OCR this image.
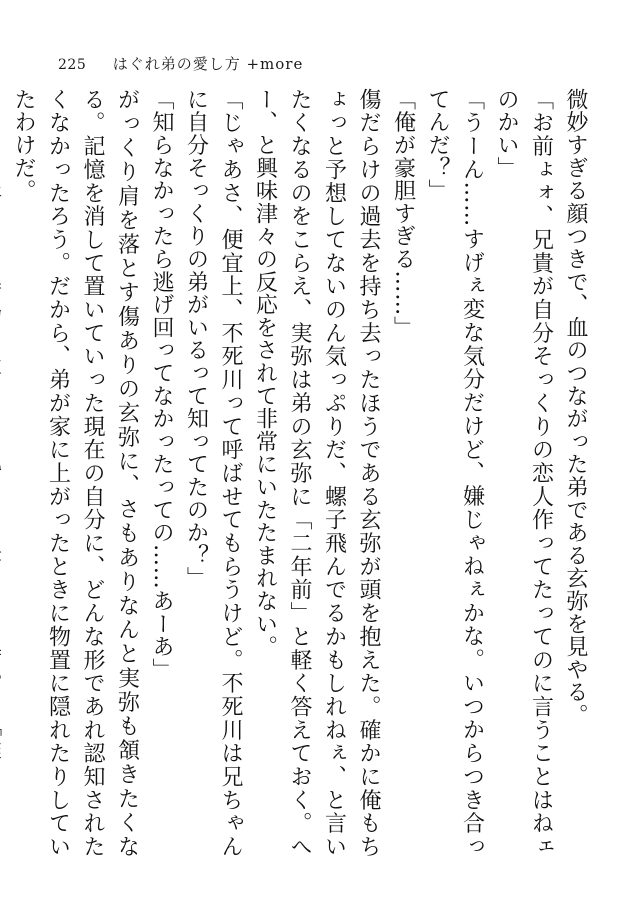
225 はぐれ弟の愛し方 +more

微妙すぎる顔つきで、血のつながった弟である玄弥を見やる。

「お前ょォ、兄貴が自分そっくりの恋人作ってたってのに言うことはねェのかい」

「うーん……すげぇ変な気分だけど、嫌じゃねぇかな。いつからつき合ってんだ？」

「俺が豪胆すぎる……」

傷だらけの過去を持ち去ったほうである玄弥が頭を抱えた。確かに俺もちょっと予想してないのん気っぷりだ、螺子飛んでるかもしれねぇ、と言いたくなるのをこらえ、実弥は弟の玄弥に「二年前」と軽く答えておく。へー、と興味津々の反応をされて非常にいたたまれない。

「じゃあさ、便宜上、不死川って呼ばせてもらうけど。不死川は兄ちゃんに自分そっくりの弟がいるって知ってたのか？」

「知らなかったら逃げ回ってなかったっての……あーあ」

がっくり肩を落とす傷ありの玄弥に、さもありなんと実弥も頷きたくなる。記憶を消して置いていった現在の自分に、どんな形であれ認知されたくなかったろう。だから、弟が家に上がったときに物置に隠れたりしていたわけだ。
